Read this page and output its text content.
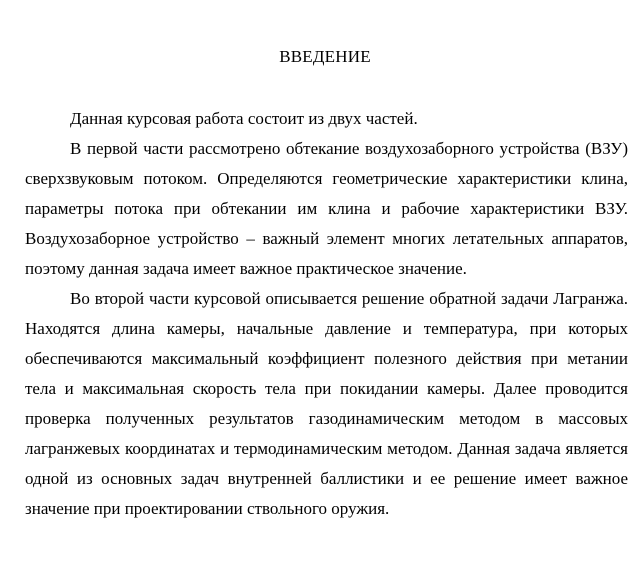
ВВЕДЕНИЕ

Данная курсовая работа состоит из двух частей.

В первой части рассмотрено обтекание воздухозаборного устройства (ВЗУ) сверхзвуковым потоком. Определяются геометрические характеристики клина, параметры потока при обтекании им клина и рабочие характеристики ВЗУ. Воздухозаборное устройство – важный элемент многих летательных аппаратов, поэтому данная задача имеет важное практическое значение.

Во второй части курсовой описывается решение обратной задачи Лагранжа. Находятся длина камеры, начальные давление и температура, при которых обеспечиваются максимальный коэффициент полезного действия при метании тела и максимальная скорость тела при покидании камеры. Далее проводится проверка полученных результатов газодинамическим методом в массовых лагранжевых координатах и термодинамическим методом. Данная задача является одной из основных задач внутренней баллистики и ее решение имеет важное значение при проектировании ствольного оружия.
